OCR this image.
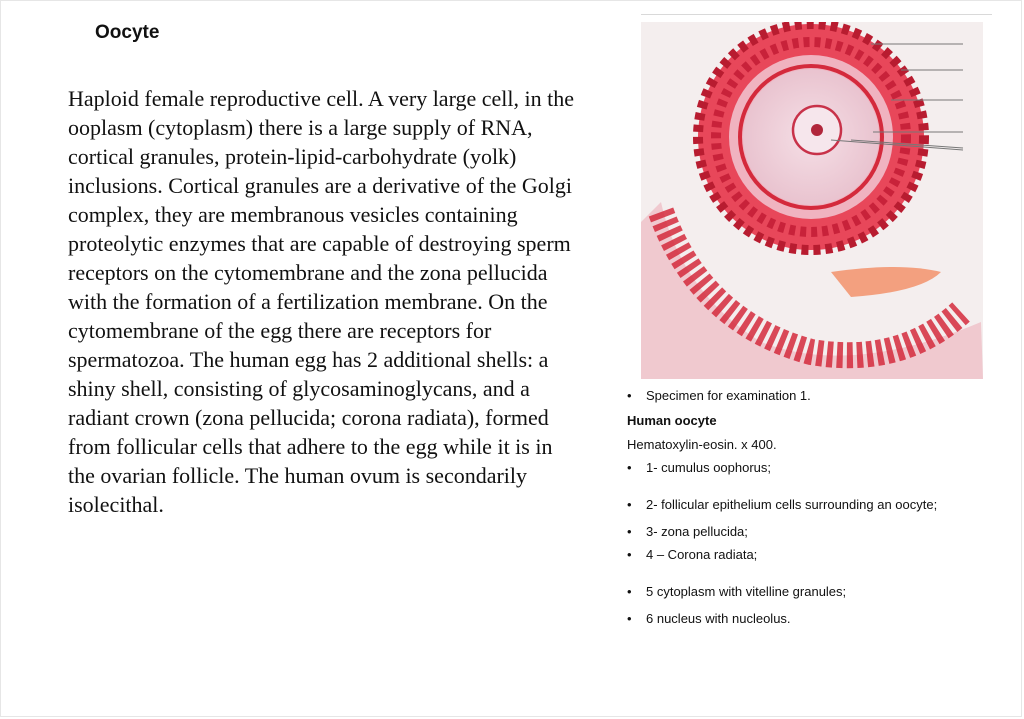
Oocyte

Haploid female reproductive cell. A very large cell, in the ooplasm (cytoplasm) there is a large supply of RNA, cortical granules, protein-lipid-carbohydrate (yolk) inclusions. Cortical granules are a derivative of the Golgi complex, they are membranous vesicles containing proteolytic enzymes that are capable of destroying sperm receptors on the cytomembrane and the zona pellucida with the formation of a fertilization membrane. On the cytomembrane of the egg there are receptors for spermatozoa. The human egg has 2 additional shells: a shiny shell, consisting of glycosaminoglycans, and a radiant crown (zona pellucida; corona radiata), formed from follicular cells that adhere to the egg while it is in the ovarian follicle. The human ovum is secondarily isolecithal.

• Specimen for examination 1.
Human oocyte
Hematoxylin-eosin. x 400.
• 1- cumulus oophorus;
• 2- follicular epithelium cells surrounding an oocyte;
• 3- zona pellucida;
• 4 – Corona radiata;
• 5 cytoplasm with vitelline granules;
• 6 nucleus with nucleolus.
